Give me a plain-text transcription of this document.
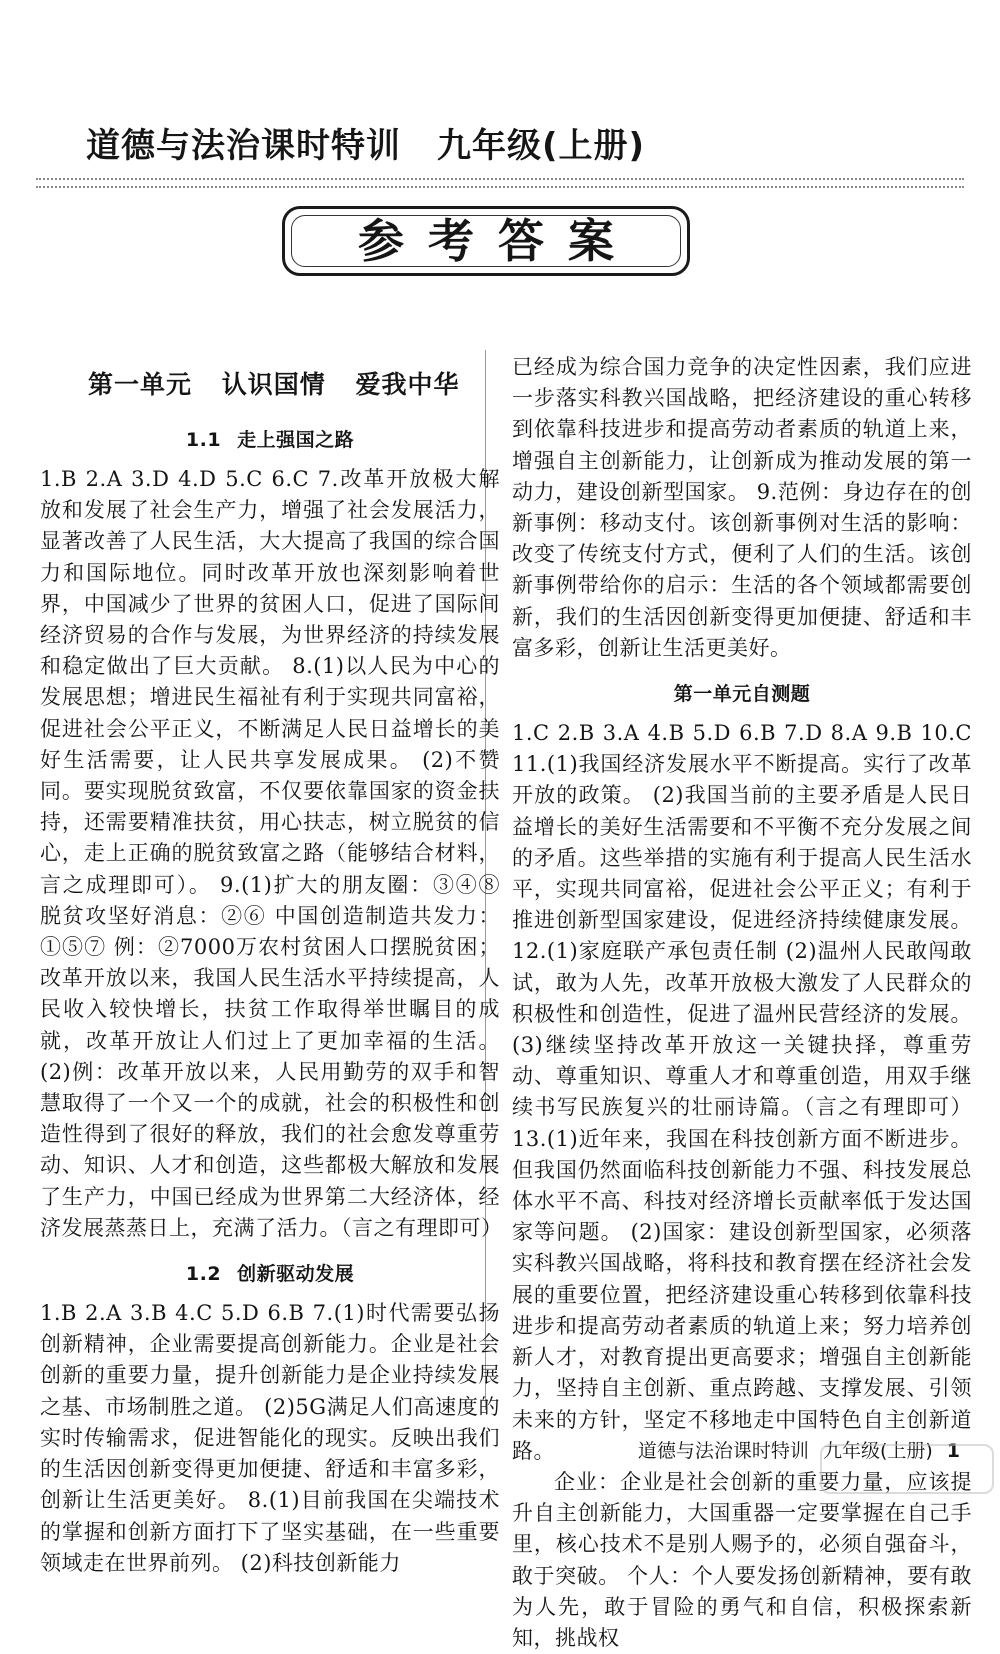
道德与法治课时特训 九年级(上册)
参考答案
第一单元 认识国情 爱我中华
1.1 走上强国之路

1.B 2.A 3.D 4.D 5.C 6.C 7.改革开放极大解放和发展了社会生产力，增强了社会发展活力，显著改善了人民生活，大大提高了我国的综合国力和国际地位。同时改革开放也深刻影响着世界，中国减少了世界的贫困人口，促进了国际间经济贸易的合作与发展，为世界经济的持续发展和稳定做出了巨大贡献。 8.(1)以人民为中心的发展思想；增进民生福祉有利于实现共同富裕，促进社会公平正义，不断满足人民日益增长的美好生活需要，让人民共享发展成果。 (2)不赞同。要实现脱贫致富，不仅要依靠国家的资金扶持，还需要精准扶贫，用心扶志，树立脱贫的信心，走上正确的脱贫致富之路（能够结合材料，言之成理即可）。 9.(1)扩大的朋友圈：③④⑧ 脱贫攻坚好消息：②⑥ 中国创造制造共发力：①⑤⑦ 例：②7000万农村贫困人口摆脱贫困；改革开放以来，我国人民生活水平持续提高，人民收入较快增长，扶贫工作取得举世瞩目的成就，改革开放让人们过上了更加幸福的生活。 (2)例：改革开放以来，人民用勤劳的双手和智慧取得了一个又一个的成就，社会的积极性和创造性得到了很好的释放，我们的社会愈发尊重劳动、知识、人才和创造，这些都极大解放和发展了生产力，中国已经成为世界第二大经济体，经济发展蒸蒸日上，充满了活力。（言之有理即可）

1.2 创新驱动发展

1.B 2.A 3.B 4.C 5.D 6.B 7.(1)时代需要弘扬创新精神，企业需要提高创新能力。企业是社会创新的重要力量，提升创新能力是企业持续发展之基、市场制胜之道。 (2)5G满足人们高速度的实时传输需求，促进智能化的现实。反映出我们的生活因创新变得更加便捷、舒适和丰富多彩，创新让生活更美好。 8.(1)目前我国在尖端技术的掌握和创新方面打下了坚实基础，在一些重要领域走在世界前列。 (2)科技创新能力

已经成为综合国力竞争的决定性因素，我们应进一步落实科教兴国战略，把经济建设的重心转移到依靠科技进步和提高劳动者素质的轨道上来，增强自主创新能力，让创新成为推动发展的第一动力，建设创新型国家。 9.范例：身边存在的创新事例：移动支付。该创新事例对生活的影响：改变了传统支付方式，便利了人们的生活。该创新事例带给你的启示：生活的各个领域都需要创新，我们的生活因创新变得更加便捷、舒适和丰富多彩，创新让生活更美好。

第一单元自测题

1.C 2.B 3.A 4.B 5.D 6.B 7.D 8.A 9.B 10.C 11.(1)我国经济发展水平不断提高。实行了改革开放的政策。 (2)我国当前的主要矛盾是人民日益增长的美好生活需要和不平衡不充分发展之间的矛盾。这些举措的实施有利于提高人民生活水平，实现共同富裕，促进社会公平正义；有利于推进创新型国家建设，促进经济持续健康发展。 12.(1)家庭联产承包责任制 (2)温州人民敢闯敢试，敢为人先，改革开放极大激发了人民群众的积极性和创造性，促进了温州民营经济的发展。 (3)继续坚持改革开放这一关键抉择，尊重劳动、尊重知识、尊重人才和尊重创造，用双手继续书写民族复兴的壮丽诗篇。（言之有理即可） 13.(1)近年来，我国在科技创新方面不断进步。但我国仍然面临科技创新能力不强、科技发展总体水平不高、科技对经济增长贡献率低于发达国家等问题。 (2)国家：建设创新型国家，必须落实科教兴国战略，将科技和教育摆在经济社会发展的重要位置，把经济建设重心转移到依靠科技进步和提高劳动者素质的轨道上来；努力培养创新人才，对教育提出更高要求；增强自主创新能力，坚持自主创新、重点跨越、支撑发展、引领未来的方针，坚定不移地走中国特色自主创新道路。

企业：企业是社会创新的重要力量，应该提升自主创新能力，大国重器一定要掌握在自己手里，核心技术不是别人赐予的，必须自强奋斗，敢于突破。 个人：个人要发扬创新精神，要有敢为人先，敢于冒险的勇气和自信，积极探索新知，挑战权

道德与法治课时特训 九年级(上册) 1
